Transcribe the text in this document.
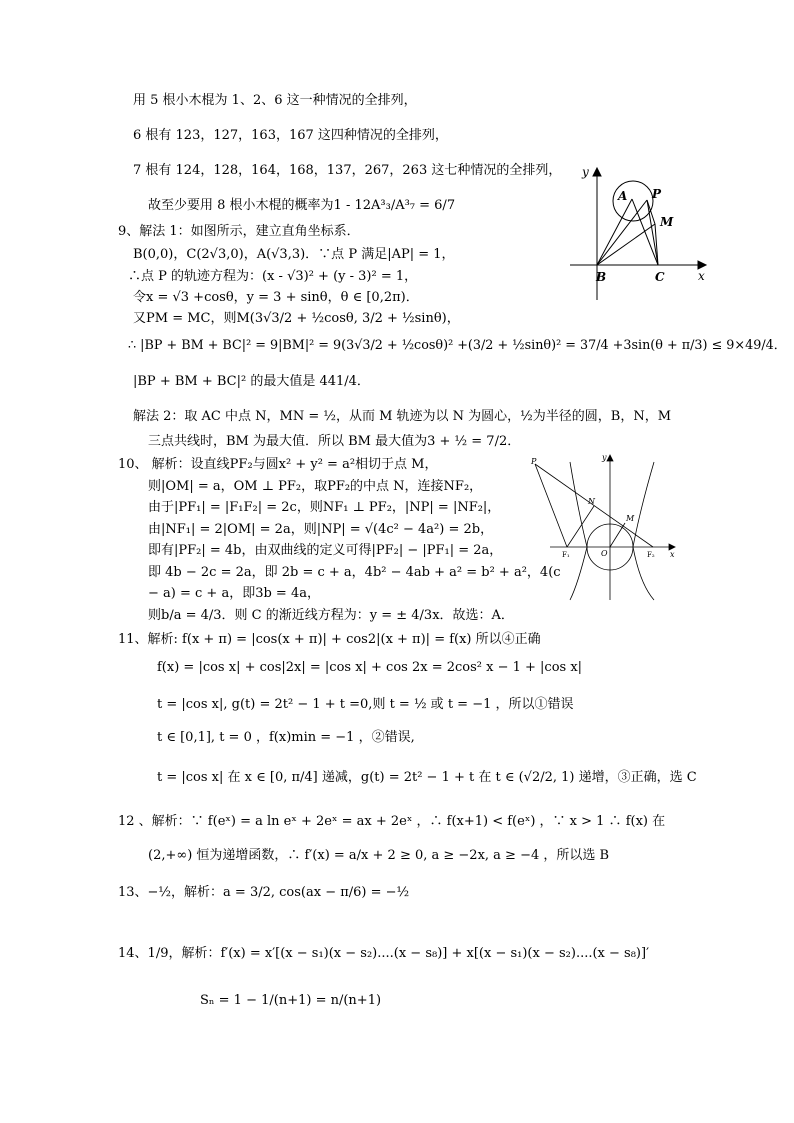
用 5 根小木棍为 1、2、6 这一种情况的全排列，
6 根有 123，127，163，167 这四种情况的全排列，
7 根有 124，128，164，168，137，267，263 这七种情况的全排列，
故至少要用 8 根小木棍的概率为1 - 12A³₃/A³₇ = 6/7
9、解法 1：如图所示，建立直角坐标系．
B(0,0)，C(2√3,0)，A(√3,3)．∵点 P 满足|AP| = 1，
∴点 P 的轨迹方程为：(x - √3)² + (y - 3)² = 1，
令x = √3 +cosθ，y = 3 + sinθ，θ ∈ [0,2π)．
又PM = MC，则M(3√3/2 + ½cosθ, 3/2 + ½sinθ)，
∴ |BP + BM + BC|² = 9|BM|² = 9(3√3/2 + ½cosθ)² +(3/2 + ½sinθ)² = 37/4 +3sin(θ + π/3) ≤ 9×49/4．
|BP + BM + BC|² 的最大值是 441/4．
解法 2：取 AC 中点 N，MN = ½，从而 M 轨迹为以 N 为圆心，½为半径的圆，B，N，M
三点共线时，BM 为最大值．所以 BM 最大值为3 + ½ = 7/2．
10、 解析：设直线PF₂与圆x² + y² = a²相切于点 M，
则|OM| = a，OM ⊥ PF₂，取PF₂的中点 N，连接NF₂，
由于|PF₁| = |F₁F₂| = 2c，则NF₁ ⊥ PF₂，|NP| = |NF₂|，
由|NF₁| = 2|OM| = 2a，则|NP| = √(4c² − 4a²) = 2b，
即有|PF₂| = 4b，由双曲线的定义可得|PF₂| − |PF₁| = 2a，
即 4b − 2c = 2a，即 2b = c + a，4b² − 4ab + a² = b² + a²，4(c
− a) = c + a，即3b = 4a，
则b/a = 4/3．则 C 的渐近线方程为：y = ± 4/3x．故选：A．
11、解析: f(x + π) = |cos(x + π)| + cos2|(x + π)| = f(x) 所以④正确
f(x) = |cos x| + cos|2x| = |cos x| + cos 2x = 2cos² x − 1 + |cos x|
t = |cos x|, g(t) = 2t² − 1 + t =0,则 t = ½ 或 t = −1 ，所以①错误
t ∈ [0,1], t = 0 ，f(x)min = −1 ，②错误,
t = |cos x| 在 x ∈ [0, π/4] 递减，g(t) = 2t² − 1 + t 在 t ∈ (√2/2, 1) 递增，③正确，选 C
12 、解析：∵ f(eˣ) = a ln eˣ + 2eˣ = ax + 2eˣ ，∴ f(x+1) < f(eˣ) ，∵ x > 1 ∴ f(x) 在
(2,+∞) 恒为递增函数，∴ f′(x) = a/x + 2 ≥ 0, a ≥ −2x, a ≥ −4 ，所以选 B
13、−½，解析：a = 3/2, cos(ax − π/6) = −½
14、1/9，解析：f′(x) = x′[(x − s₁)(x − s₂)....(x − s₈)] + x[(x − s₁)(x − s₂)....(x − s₈)]′
Sₙ = 1 − 1/(n+1) = n/(n+1)
y
x
A P
M
B	C
P	y
N
M
F₁	O	F₂ x
